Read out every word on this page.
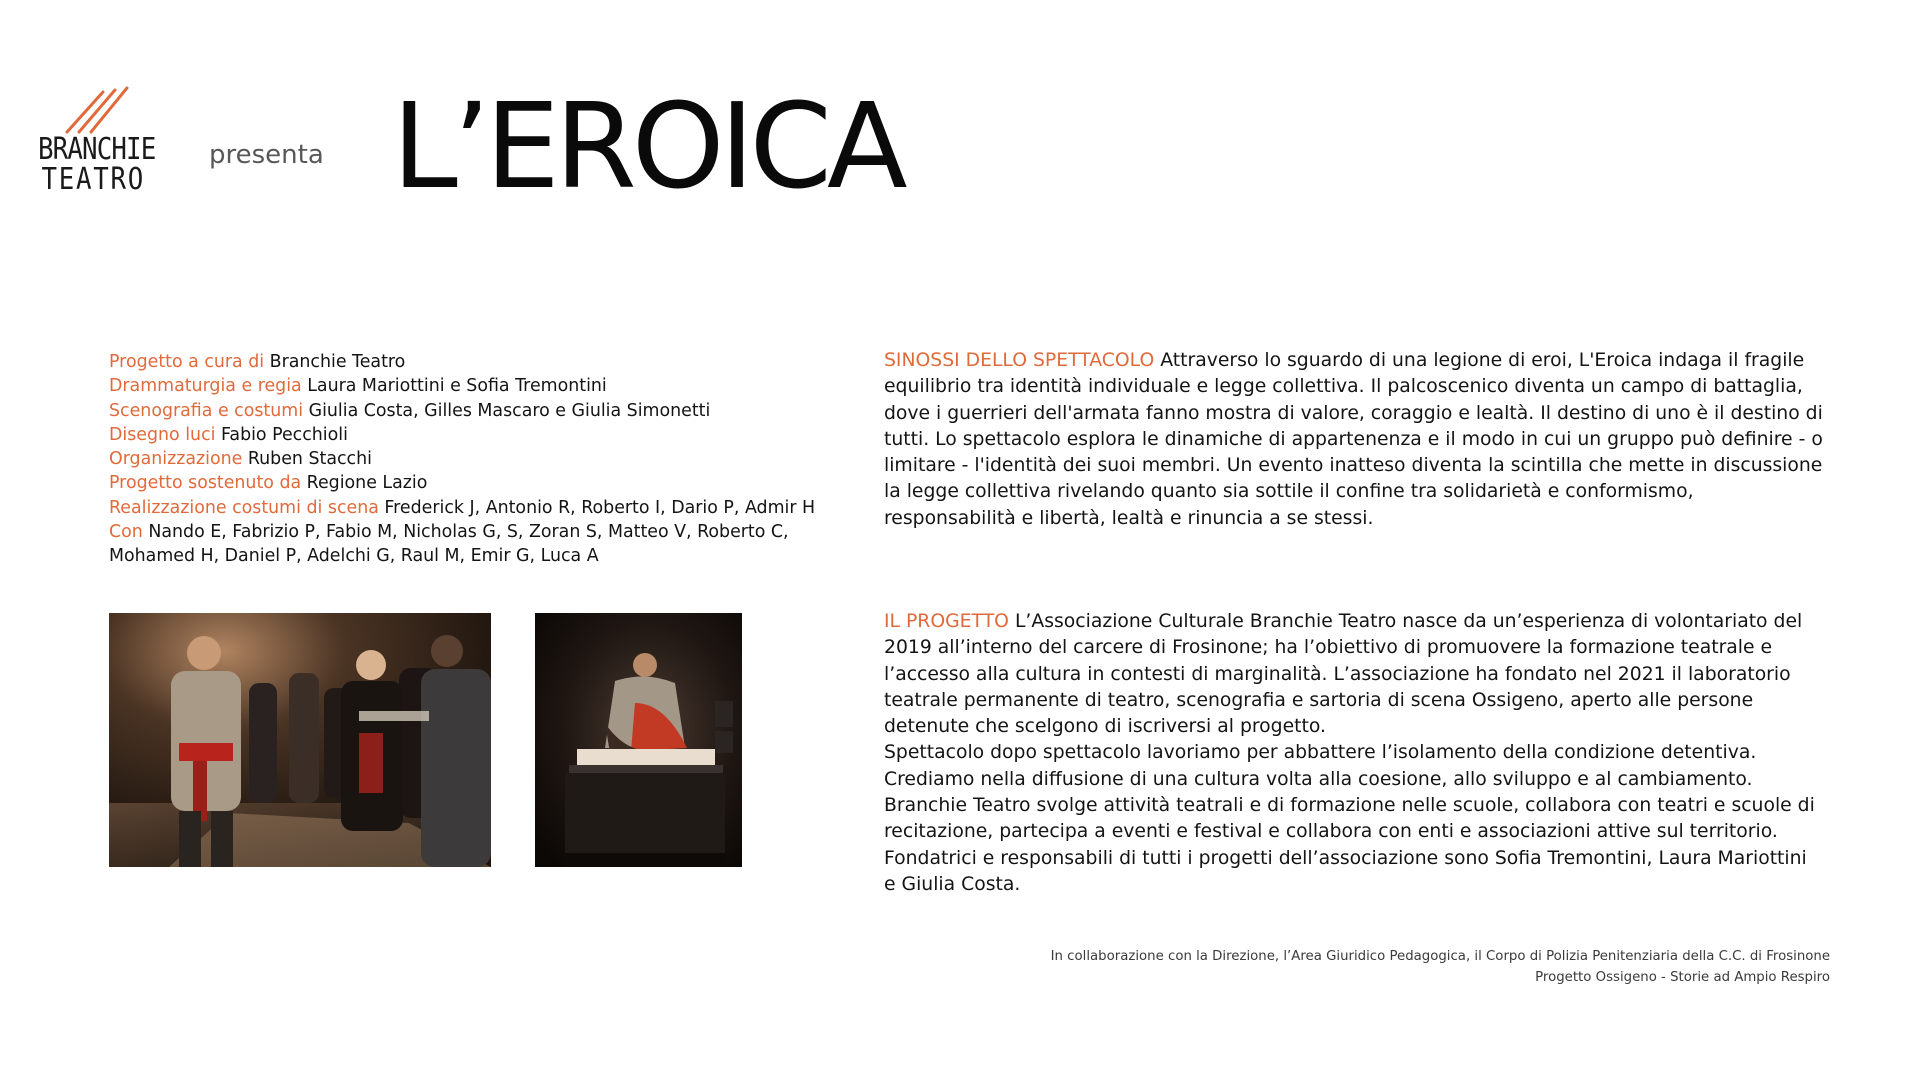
BRANCHIE
TEATRO
presenta L’EROICA
Progetto a cura di Branchie Teatro
Drammaturgia e regia Laura Mariottini e Sofia Tremontini
Scenografia e costumi Giulia Costa, Gilles Mascaro e Giulia Simonetti
Disegno luci Fabio Pecchioli
Organizzazione Ruben Stacchi
Progetto sostenuto da Regione Lazio
Realizzazione costumi di scena Frederick J, Antonio R, Roberto I, Dario P, Admir H
Con Nando E, Fabrizio P, Fabio M, Nicholas G, S, Zoran S, Matteo V, Roberto C, Mohamed H, Daniel P, Adelchi G, Raul M, Emir G, Luca A
SINOSSI DELLO SPETTACOLO Attraverso lo sguardo di una legione di eroi, L'Eroica indaga il fragile equilibrio tra identità individuale e legge collettiva. Il palcoscenico diventa un campo di battaglia, dove i guerrieri dell'armata fanno mostra di valore, coraggio e lealtà. Il destino di uno è il destino di tutti. Lo spettacolo esplora le dinamiche di appartenenza e il modo in cui un gruppo può definire - o limitare - l'identità dei suoi membri. Un evento inatteso diventa la scintilla che mette in discussione la legge collettiva rivelando quanto sia sottile il confine tra solidarietà e conformismo, responsabilità e libertà, lealtà e rinuncia a se stessi.
IL PROGETTO L’Associazione Culturale Branchie Teatro nasce da un’esperienza di volontariato del 2019 all’interno del carcere di Frosinone; ha l’obiettivo di promuovere la formazione teatrale e l’accesso alla cultura in contesti di marginalità. L’associazione ha fondato nel 2021 il laboratorio teatrale permanente di teatro, scenografia e sartoria di scena Ossigeno, aperto alle persone detenute che scelgono di iscriversi al progetto.
Spettacolo dopo spettacolo lavoriamo per abbattere l’isolamento della condizione detentiva. Crediamo nella diffusione di una cultura volta alla coesione, allo sviluppo e al cambiamento. Branchie Teatro svolge attività teatrali e di formazione nelle scuole, collabora con teatri e scuole di recitazione, partecipa a eventi e festival e collabora con enti e associazioni attive sul territorio. Fondatrici e responsabili di tutti i progetti dell’associazione sono Sofia Tremontini, Laura Mariottini e Giulia Costa.
In collaborazione con la Direzione, l’Area Giuridico Pedagogica, il Corpo di Polizia Penitenziaria della C.C. di Frosinone
Progetto Ossigeno - Storie ad Ampio Respiro
